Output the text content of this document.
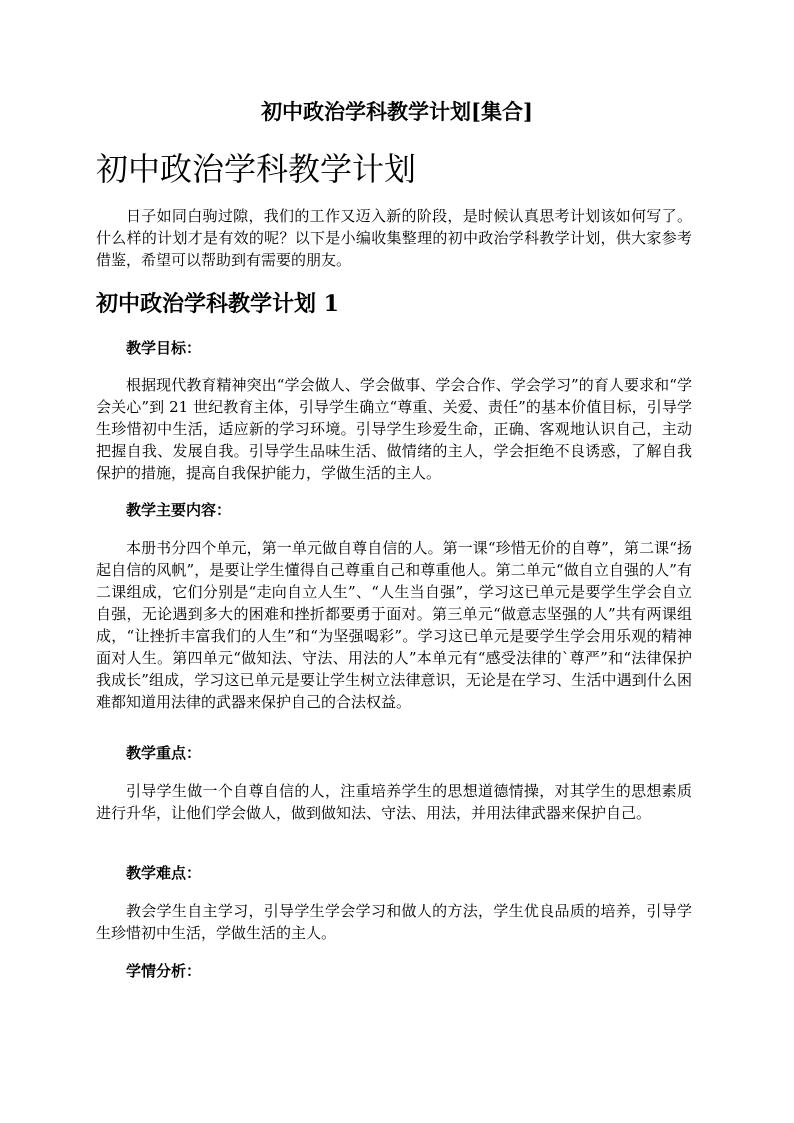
初中政治学科教学计划[集合]
初中政治学科教学计划

日子如同白驹过隙，我们的工作又迈入新的阶段，是时候认真思考计划该如何写了。什么样的计划才是有效的呢？以下是小编收集整理的初中政治学科教学计划，供大家参考借鉴，希望可以帮助到有需要的朋友。

初中政治学科教学计划 1

教学目标：

根据现代教育精神突出“学会做人、学会做事、学会合作、学会学习”的育人要求和“学会关心”到 21 世纪教育主体，引导学生确立“尊重、关爱、责任”的基本价值目标，引导学生珍惜初中生活，适应新的学习环境。引导学生珍爱生命，正确、客观地认识自己，主动把握自我、发展自我。引导学生品味生活、做情绪的主人，学会拒绝不良诱惑，了解自我保护的措施，提高自我保护能力，学做生活的主人。

教学主要内容：

本册书分四个单元，第一单元做自尊自信的人。第一课“珍惜无价的自尊”，第二课“扬起自信的风帆”，是要让学生懂得自己尊重自己和尊重他人。第二单元“做自立自强的人”有二课组成，它们分别是“走向自立人生”、“人生当自强”，学习这已单元是要学生学会自立自强，无论遇到多大的困难和挫折都要勇于面对。第三单元“做意志坚强的人”共有两课组成，“让挫折丰富我们的人生”和“为坚强喝彩”。学习这已单元是要学生学会用乐观的精神面对人生。第四单元“做知法、守法、用法的人”本单元有“感受法律的`尊严”和“法律保护我成长”组成，学习这已单元是要让学生树立法律意识，无论是在学习、生活中遇到什么困难都知道用法律的武器来保护自己的合法权益。

教学重点：

引导学生做一个自尊自信的人，注重培养学生的思想道德情操，对其学生的思想素质进行升华，让他们学会做人，做到做知法、守法、用法，并用法律武器来保护自己。

教学难点：

教会学生自主学习，引导学生学会学习和做人的方法，学生优良品质的培养，引导学生珍惜初中生活，学做生活的主人。

学情分析：
